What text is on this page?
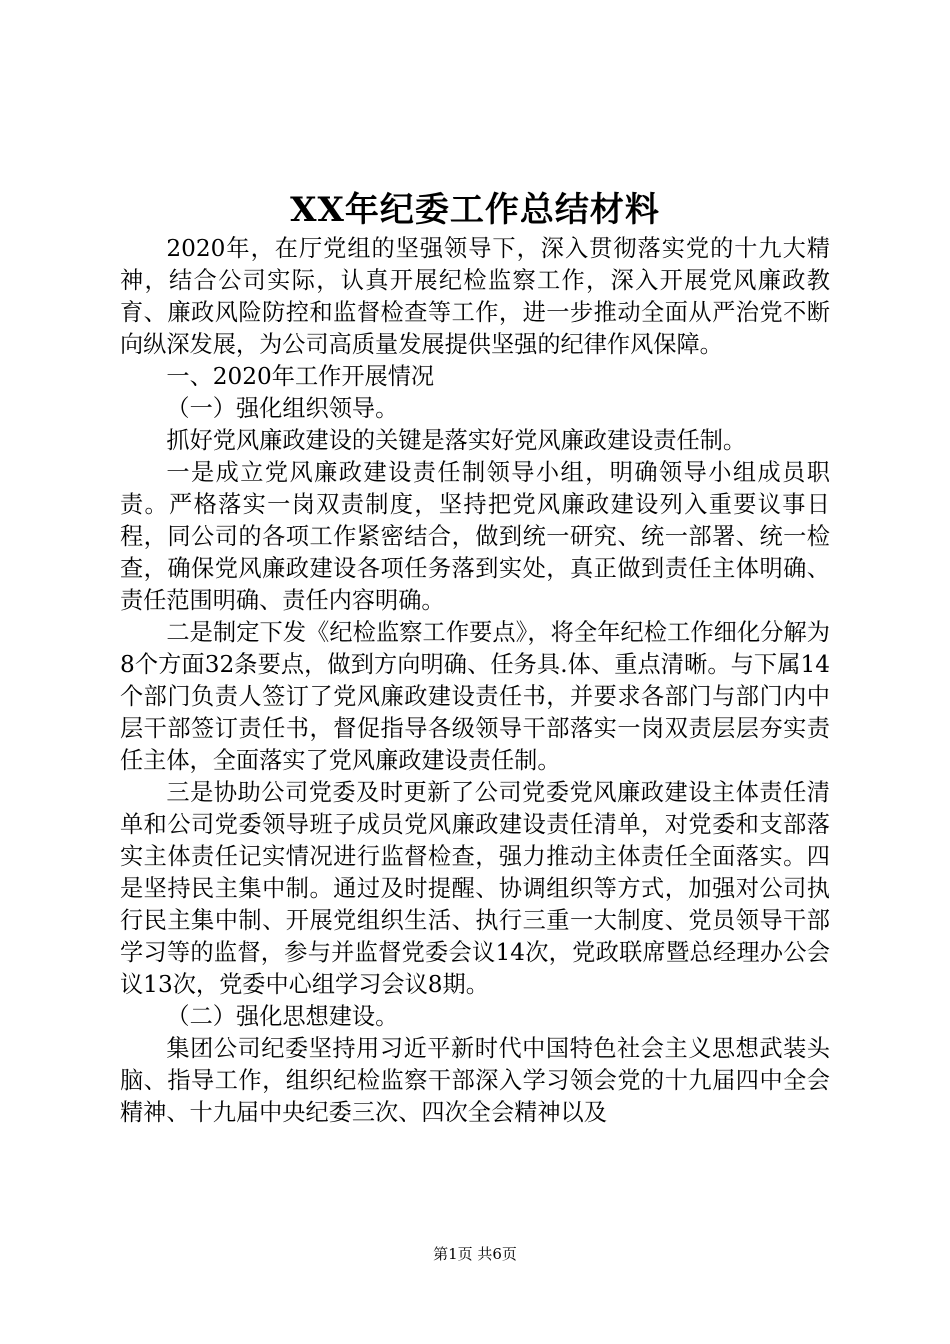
XX年纪委工作总结材料

2020年，在厅党组的坚强领导下，深入贯彻落实党的十九大精神，结合公司实际，认真开展纪检监察工作，深入开展党风廉政教育、廉政风险防控和监督检查等工作，进一步推动全面从严治党不断向纵深发展，为公司高质量发展提供坚强的纪律作风保障。

一、2020年工作开展情况

（一）强化组织领导。

抓好党风廉政建设的关键是落实好党风廉政建设责任制。

一是成立党风廉政建设责任制领导小组，明确领导小组成员职责。严格落实一岗双责制度，坚持把党风廉政建设列入重要议事日程，同公司的各项工作紧密结合，做到统一研究、统一部署、统一检查，确保党风廉政建设各项任务落到实处，真正做到责任主体明确、责任范围明确、责任内容明确。

二是制定下发《纪检监察工作要点》，将全年纪检工作细化分解为8个方面32条要点，做到方向明确、任务具.体、重点清晰。与下属14个部门负责人签订了党风廉政建设责任书，并要求各部门与部门内中层干部签订责任书，督促指导各级领导干部落实一岗双责层层夯实责任主体，全面落实了党风廉政建设责任制。

三是协助公司党委及时更新了公司党委党风廉政建设主体责任清单和公司党委领导班子成员党风廉政建设责任清单，对党委和支部落实主体责任记实情况进行监督检查，强力推动主体责任全面落实。四是坚持民主集中制。通过及时提醒、协调组织等方式，加强对公司执行民主集中制、开展党组织生活、执行三重一大制度、党员领导干部学习等的监督，参与并监督党委会议14次，党政联席暨总经理办公会议13次，党委中心组学习会议8期。

（二）强化思想建设。

集团公司纪委坚持用习近平新时代中国特色社会主义思想武装头脑、指导工作，组织纪检监察干部深入学习领会党的十九届四中全会精神、十九届中央纪委三次、四次全会精神以及

第1页 共6页
